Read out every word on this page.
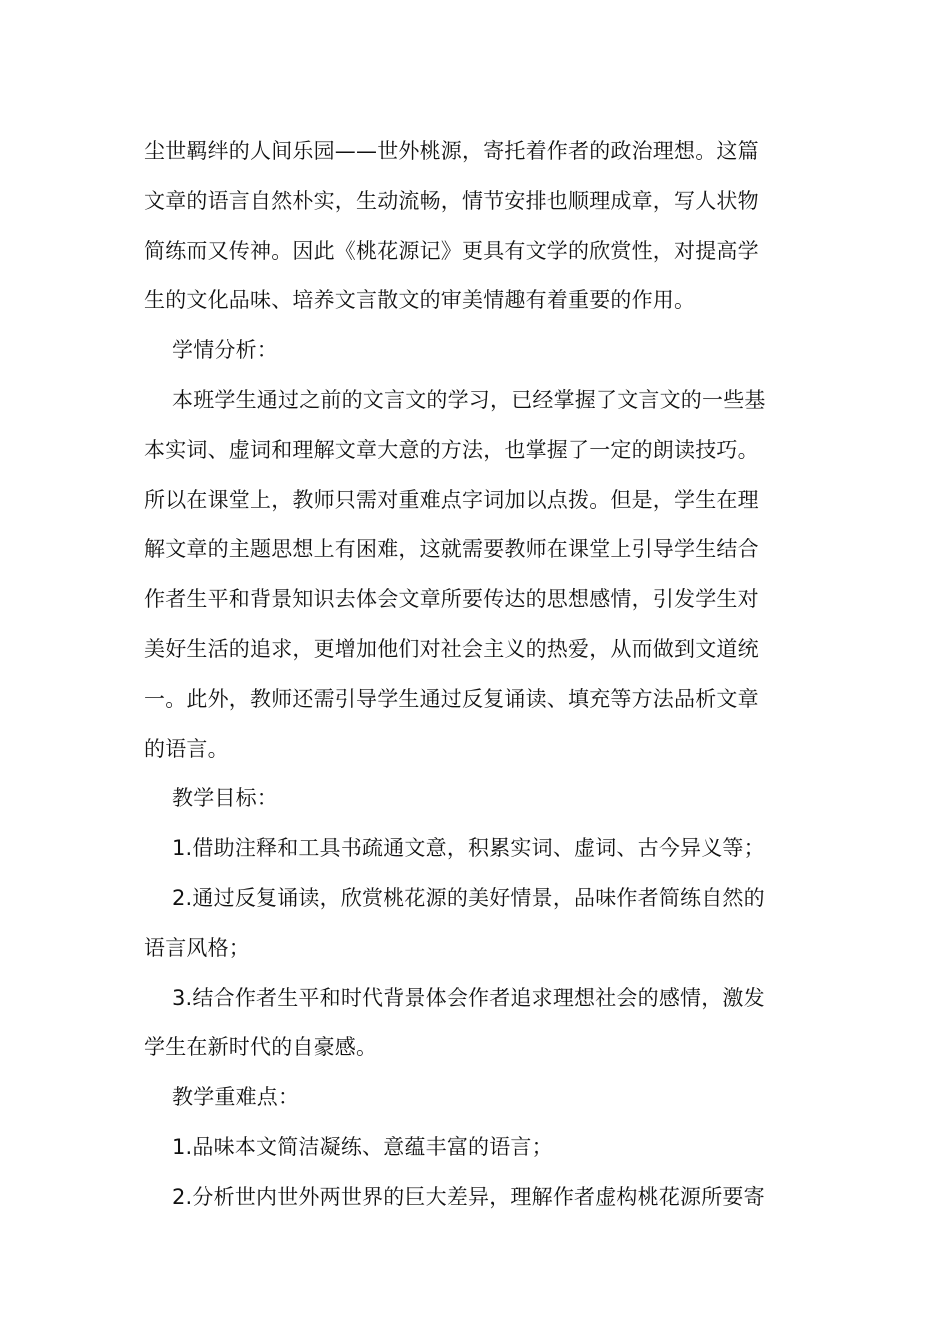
尘世羁绊的人间乐园——世外桃源，寄托着作者的政治理想。这篇
文章的语言自然朴实，生动流畅，情节安排也顺理成章，写人状物
简练而又传神。因此《桃花源记》更具有文学的欣赏性，对提高学
生的文化品味、培养文言散文的审美情趣有着重要的作用。
学情分析：
本班学生通过之前的文言文的学习，已经掌握了文言文的一些基
本实词、虚词和理解文章大意的方法，也掌握了一定的朗读技巧。
所以在课堂上，教师只需对重难点字词加以点拨。但是，学生在理
解文章的主题思想上有困难，这就需要教师在课堂上引导学生结合
作者生平和背景知识去体会文章所要传达的思想感情，引发学生对
美好生活的追求，更增加他们对社会主义的热爱，从而做到文道统
一。此外，教师还需引导学生通过反复诵读、填充等方法品析文章
的语言。
教学目标：
1.借助注释和工具书疏通文意，积累实词、虚词、古今异义等；
2.通过反复诵读，欣赏桃花源的美好情景，品味作者简练自然的
语言风格；
3.结合作者生平和时代背景体会作者追求理想社会的感情，激发
学生在新时代的自豪感。
教学重难点：
1.品味本文简洁凝练、意蕴丰富的语言；
2.分析世内世外两世界的巨大差异，理解作者虚构桃花源所要寄
